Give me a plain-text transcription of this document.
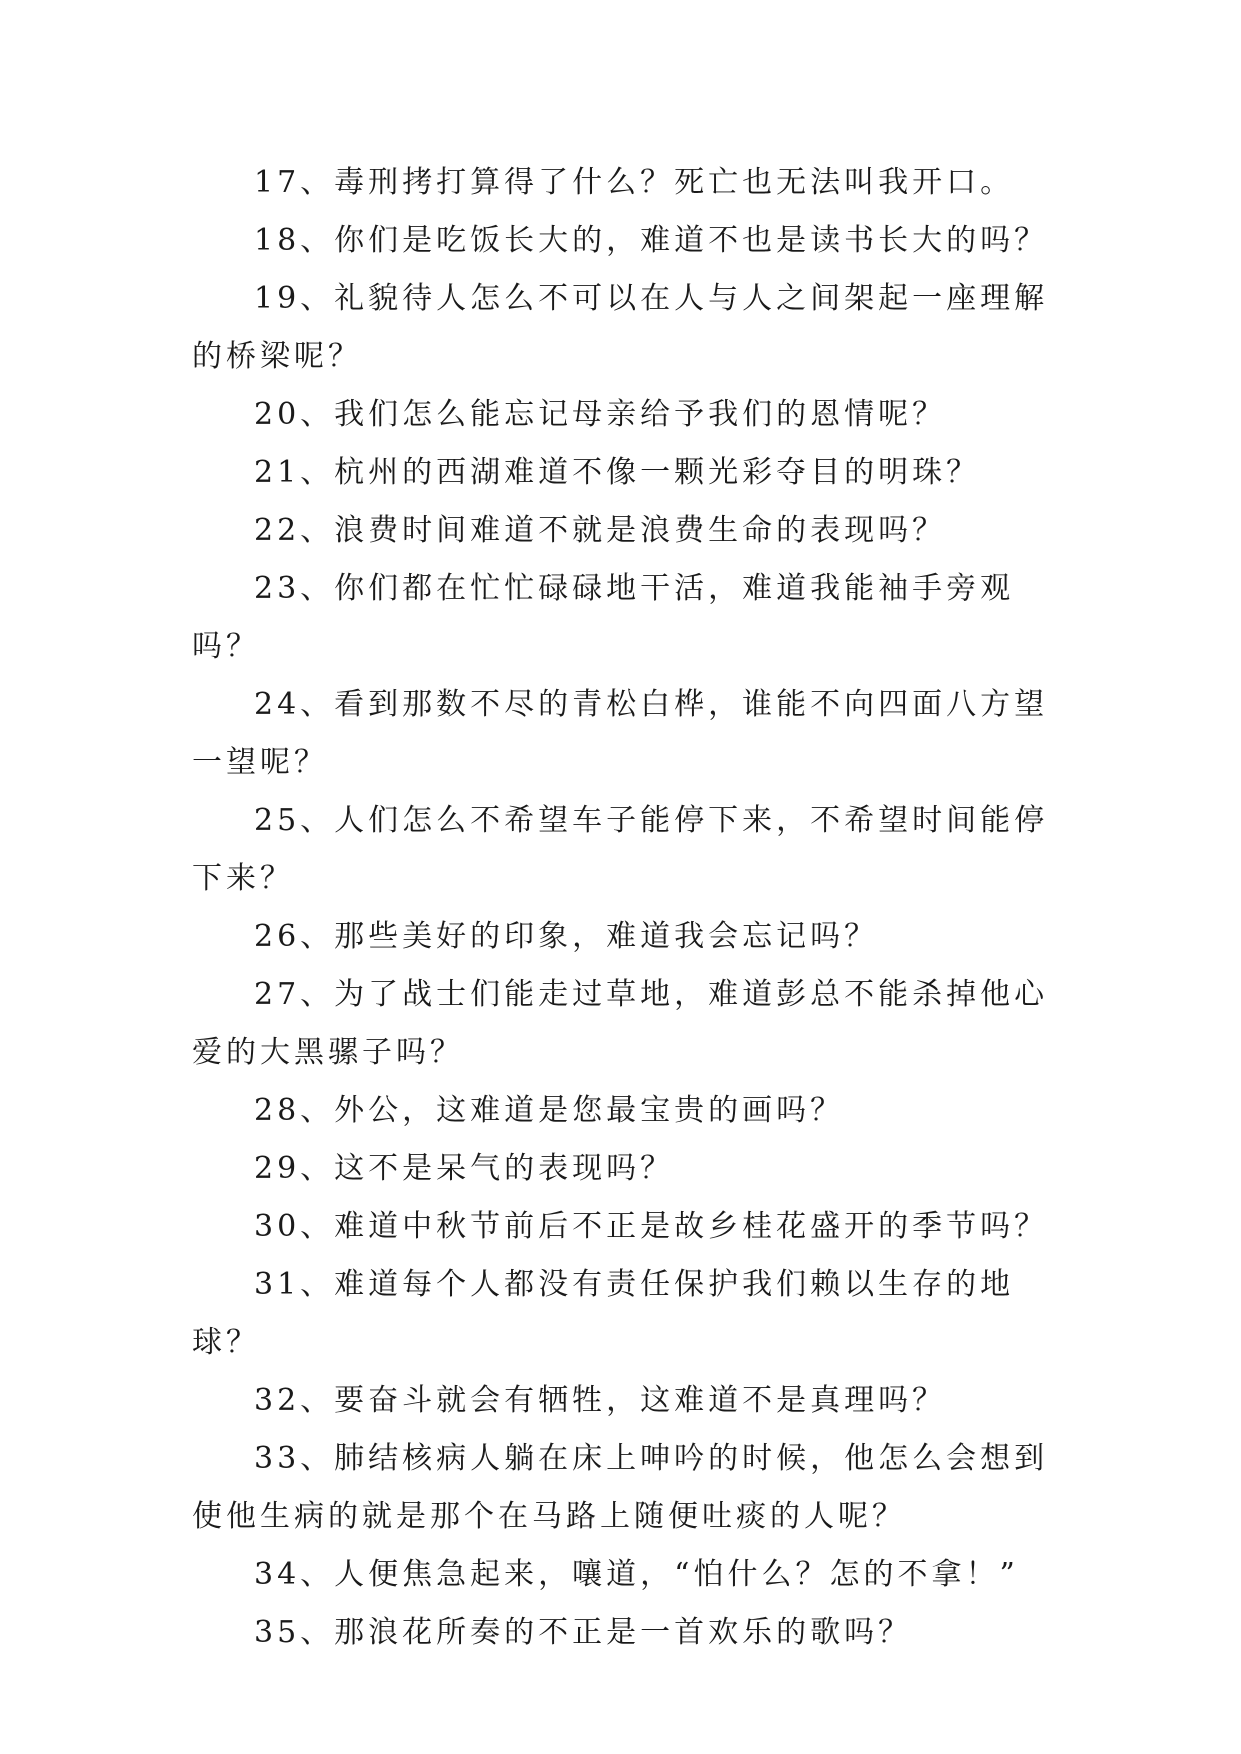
17、毒刑拷打算得了什么？死亡也无法叫我开口。

18、你们是吃饭长大的，难道不也是读书长大的吗？

19、礼貌待人怎么不可以在人与人之间架起一座理解的桥梁呢？

20、我们怎么能忘记母亲给予我们的恩情呢？

21、杭州的西湖难道不像一颗光彩夺目的明珠？

22、浪费时间难道不就是浪费生命的表现吗？

23、你们都在忙忙碌碌地干活，难道我能袖手旁观吗？

24、看到那数不尽的青松白桦，谁能不向四面八方望一望呢？

25、人们怎么不希望车子能停下来，不希望时间能停下来？

26、那些美好的印象，难道我会忘记吗？

27、为了战士们能走过草地，难道彭总不能杀掉他心爱的大黑骡子吗？

28、外公，这难道是您最宝贵的画吗？

29、这不是呆气的表现吗？

30、难道中秋节前后不正是故乡桂花盛开的季节吗？

31、难道每个人都没有责任保护我们赖以生存的地球？

32、要奋斗就会有牺牲，这难道不是真理吗？

33、肺结核病人躺在床上呻吟的时候，他怎么会想到使他生病的就是那个在马路上随便吐痰的人呢？

34、人便焦急起来，嚷道，“怕什么？怎的不拿！”

35、那浪花所奏的不正是一首欢乐的歌吗？
